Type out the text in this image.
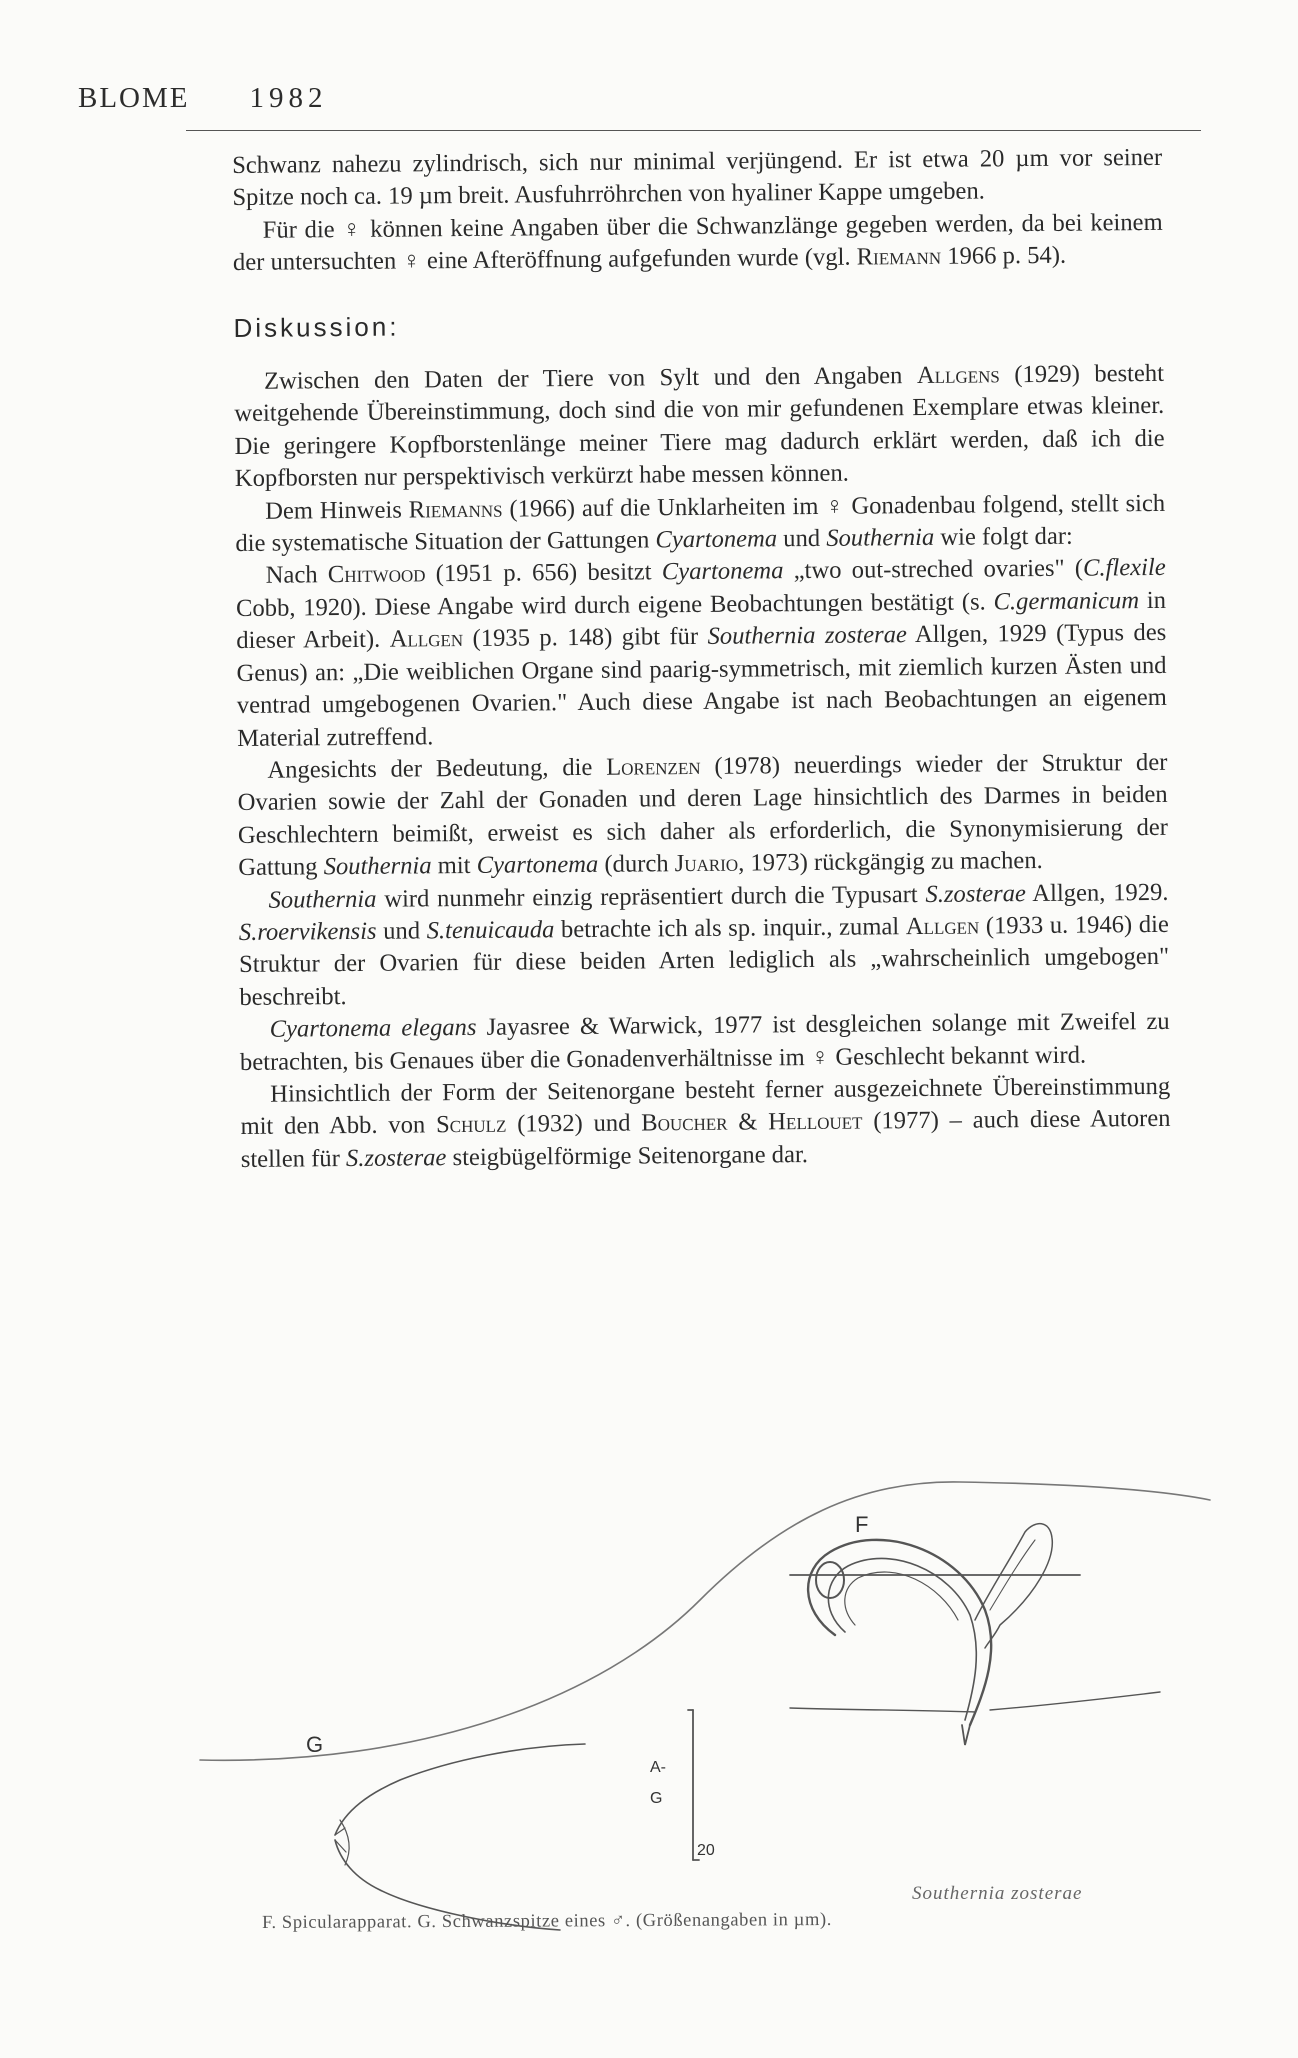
BLOME 1982

Schwanz nahezu zylindrisch, sich nur minimal verjüngend. Er ist etwa 20 µm vor seiner Spitze noch ca. 19 µm breit. Ausfuhrröhrchen von hyaliner Kappe umgeben.

Für die ♀ können keine Angaben über die Schwanzlänge gegeben werden, da bei keinem der untersuchten ♀ eine Afteröffnung aufgefunden wurde (vgl. Riemann 1966 p. 54).

Diskussion:

Zwischen den Daten der Tiere von Sylt und den Angaben Allgens (1929) besteht weitgehende Übereinstimmung, doch sind die von mir gefundenen Exemplare etwas kleiner. Die geringere Kopfborstenlänge meiner Tiere mag dadurch erklärt werden, daß ich die Kopfborsten nur perspektivisch verkürzt habe messen können.

Dem Hinweis Riemanns (1966) auf die Unklarheiten im ♀ Gonadenbau folgend, stellt sich die systematische Situation der Gattungen Cyartonema und Southernia wie folgt dar:

Nach Chitwood (1951 p. 656) besitzt Cyartonema „two out-streched ovaries" (C.flexile Cobb, 1920). Diese Angabe wird durch eigene Beobachtungen bestätigt (s. C.germanicum in dieser Arbeit). Allgen (1935 p. 148) gibt für Southernia zosterae Allgen, 1929 (Typus des Genus) an: „Die weiblichen Organe sind paarig-symmetrisch, mit ziemlich kurzen Ästen und ventrad umgebogenen Ovarien." Auch diese Angabe ist nach Beobachtungen an eigenem Material zutreffend.

Angesichts der Bedeutung, die Lorenzen (1978) neuerdings wieder der Struktur der Ovarien sowie der Zahl der Gonaden und deren Lage hinsichtlich des Darmes in beiden Geschlechtern beimißt, erweist es sich daher als erforderlich, die Synonymisierung der Gattung Southernia mit Cyartonema (durch Juario, 1973) rückgängig zu machen.

Southernia wird nunmehr einzig repräsentiert durch die Typusart S.zosterae Allgen, 1929. S.roervikensis und S.tenuicauda betrachte ich als sp. inquir., zumal Allgen (1933 u. 1946) die Struktur der Ovarien für diese beiden Arten lediglich als „wahrscheinlich umgebogen" beschreibt.

Cyartonema elegans Jayasree & Warwick, 1977 ist desgleichen solange mit Zweifel zu betrachten, bis Genaues über die Gonadenverhältnisse im ♀ Geschlecht bekannt wird.

Hinsichtlich der Form der Seitenorgane besteht ferner ausgezeichnete Übereinstimmung mit den Abb. von Schulz (1932) und Boucher & Hellouet (1977) – auch diese Autoren stellen für S.zosterae steigbügelförmige Seitenorgane dar.

F
G
A-
G
20
Southernia zosterae
F. Spicularapparat. G. Schwanzspitze eines ♂. (Größenangaben in µm).
